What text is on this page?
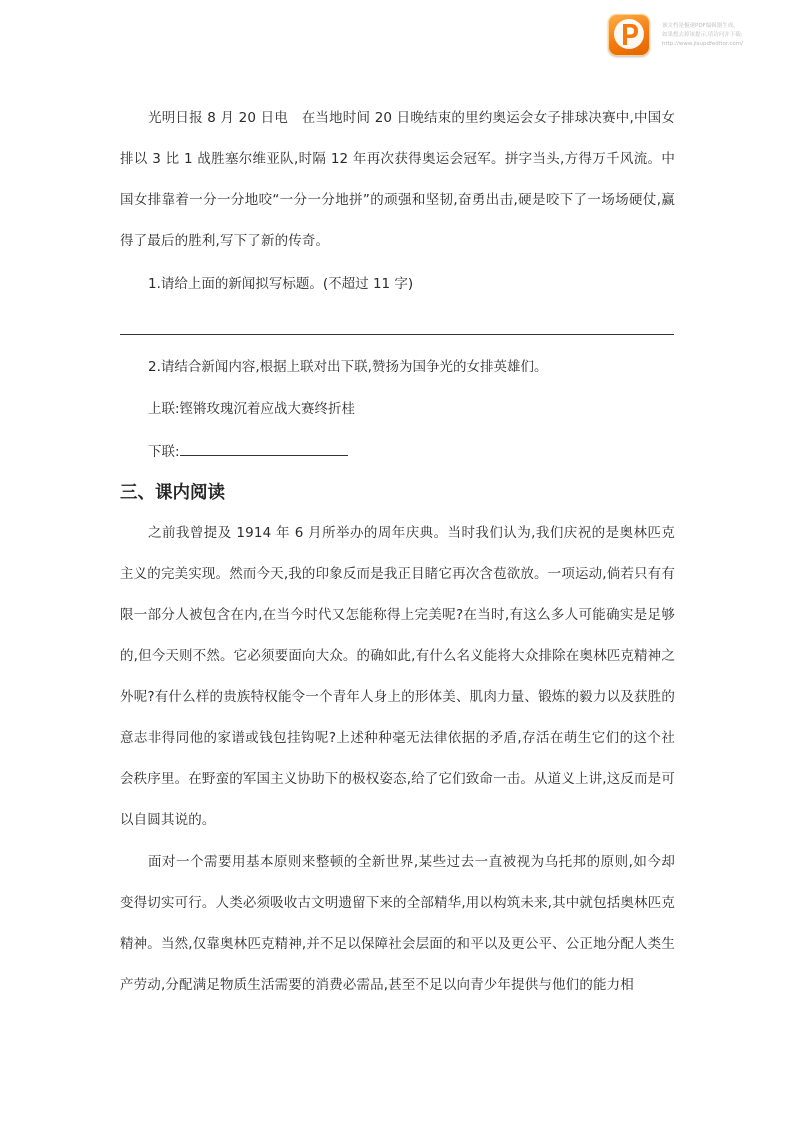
该文档是极速PDF编辑器生成,
如果想去掉该提示,请访问并下载:
http://www.jisupdfeditor.com/
光明日报 8 月 20 日电　在当地时间 20 日晚结束的里约奥运会女子排球决赛中,中国女排以 3 比 1 战胜塞尔维亚队,时隔 12 年再次获得奥运会冠军。拼字当头,方得万千风流。中国女排靠着一分一分地咬“一分一分地拼”的顽强和坚韧,奋勇出击,硬是咬下了一场场硬仗,赢得了最后的胜利,写下了新的传奇。
1.请给上面的新闻拟写标题。(不超过 11 字)
2.请结合新闻内容,根据上联对出下联,赞扬为国争光的女排英雄们。
上联:铿锵玫瑰沉着应战大赛终折桂
下联:
三、课内阅读
之前我曾提及 1914 年 6 月所举办的周年庆典。当时我们认为,我们庆祝的是奥林匹克主义的完美实现。然而今天,我的印象反而是我正目睹它再次含苞欲放。一项运动,倘若只有有限一部分人被包含在内,在当今时代又怎能称得上完美呢?在当时,有这么多人可能确实是足够的,但今天则不然。它必须要面向大众。的确如此,有什么名义能将大众排除在奥林匹克精神之外呢?有什么样的贵族特权能令一个青年人身上的形体美、肌肉力量、锻炼的毅力以及获胜的意志非得同他的家谱或钱包挂钩呢?上述种种毫无法律依据的矛盾,存活在萌生它们的这个社会秩序里。在野蛮的军国主义协助下的极权姿态,给了它们致命一击。从道义上讲,这反而是可以自圆其说的。
面对一个需要用基本原则来整顿的全新世界,某些过去一直被视为乌托邦的原则,如今却变得切实可行。人类必须吸收古文明遗留下来的全部精华,用以构筑未来,其中就包括奥林匹克精神。当然,仅靠奥林匹克精神,并不足以保障社会层面的和平以及更公平、公正地分配人类生产劳动,分配满足物质生活需要的消费必需品,甚至不足以向青少年提供与他们的能力相
